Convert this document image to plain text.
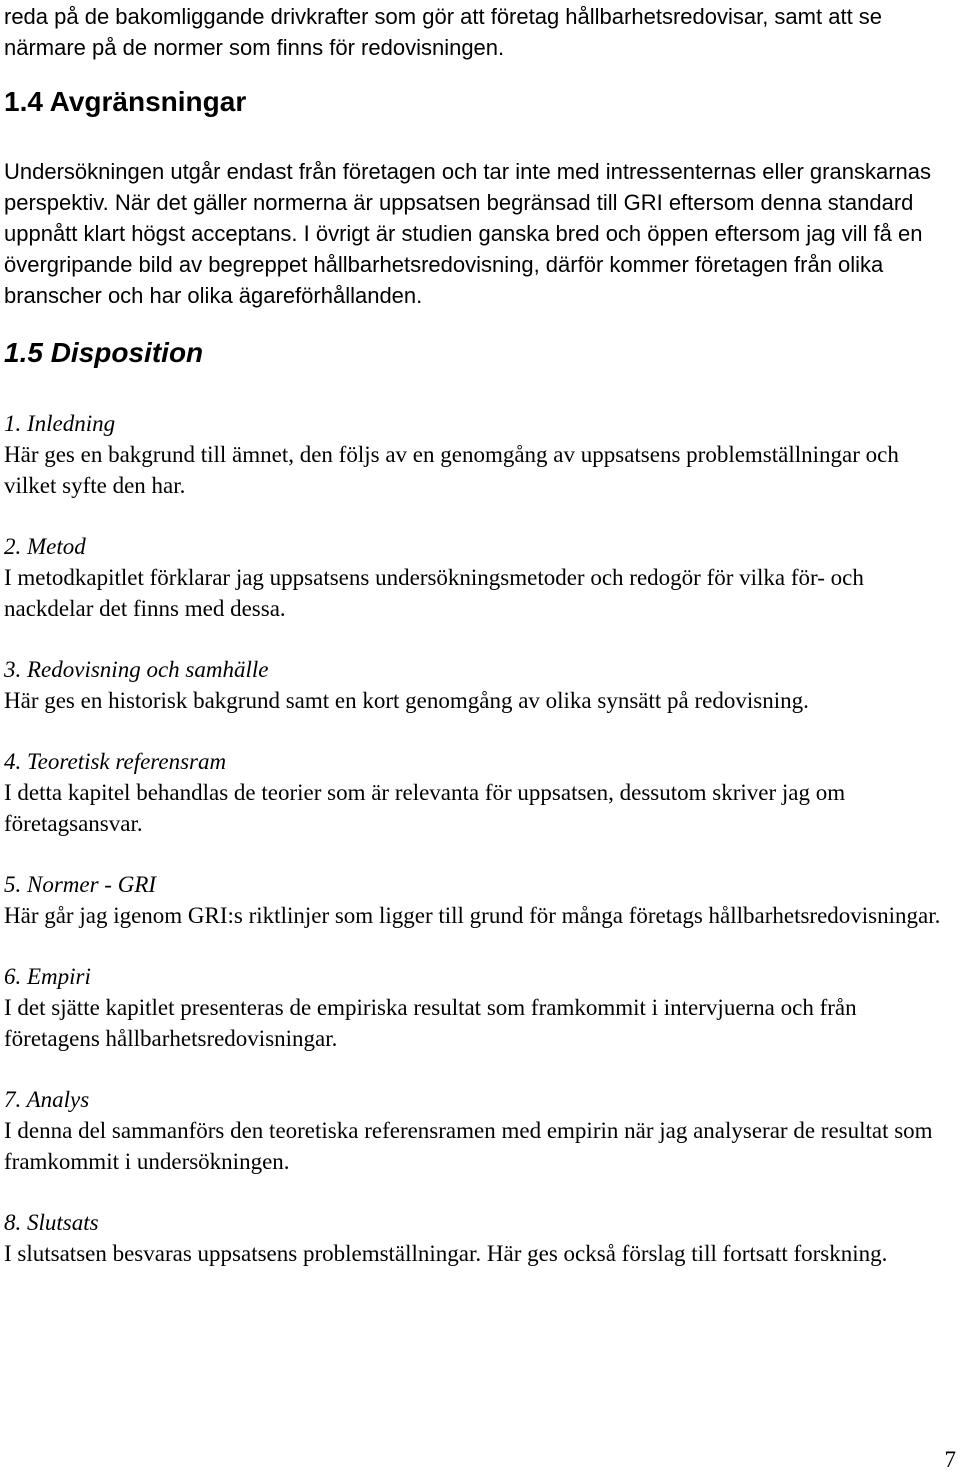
reda på de bakomliggande drivkrafter som gör att företag hållbarhetsredovisar, samt att se närmare på de normer som finns för redovisningen.

1.4 Avgränsningar

Undersökningen utgår endast från företagen och tar inte med intressenternas eller granskarnas perspektiv. När det gäller normerna är uppsatsen begränsad till GRI eftersom denna standard uppnått klart högst acceptans. I övrigt är studien ganska bred och öppen eftersom jag vill få en övergripande bild av begreppet hållbarhetsredovisning, därför kommer företagen från olika branscher och har olika ägareförhållanden.

1.5 Disposition
1. Inledning

Här ges en bakgrund till ämnet, den följs av en genomgång av uppsatsens problemställningar och vilket syfte den har.

2. Metod

I metodkapitlet förklarar jag uppsatsens undersökningsmetoder och redogör för vilka för- och nackdelar det finns med dessa.

3. Redovisning och samhälle

Här ges en historisk bakgrund samt en kort genomgång av olika synsätt på redovisning.

4. Teoretisk referensram

I detta kapitel behandlas de teorier som är relevanta för uppsatsen, dessutom skriver jag om företagsansvar.

5. Normer - GRI

Här går jag igenom GRI:s riktlinjer som ligger till grund för många företags hållbarhetsredovisningar.

6. Empiri

I det sjätte kapitlet presenteras de empiriska resultat som framkommit i intervjuerna och från företagens hållbarhetsredovisningar.

7. Analys

I denna del sammanförs den teoretiska referensramen med empirin när jag analyserar de resultat som framkommit i undersökningen.

8. Slutsats

I slutsatsen besvaras uppsatsens problemställningar. Här ges också förslag till fortsatt forskning.

7
